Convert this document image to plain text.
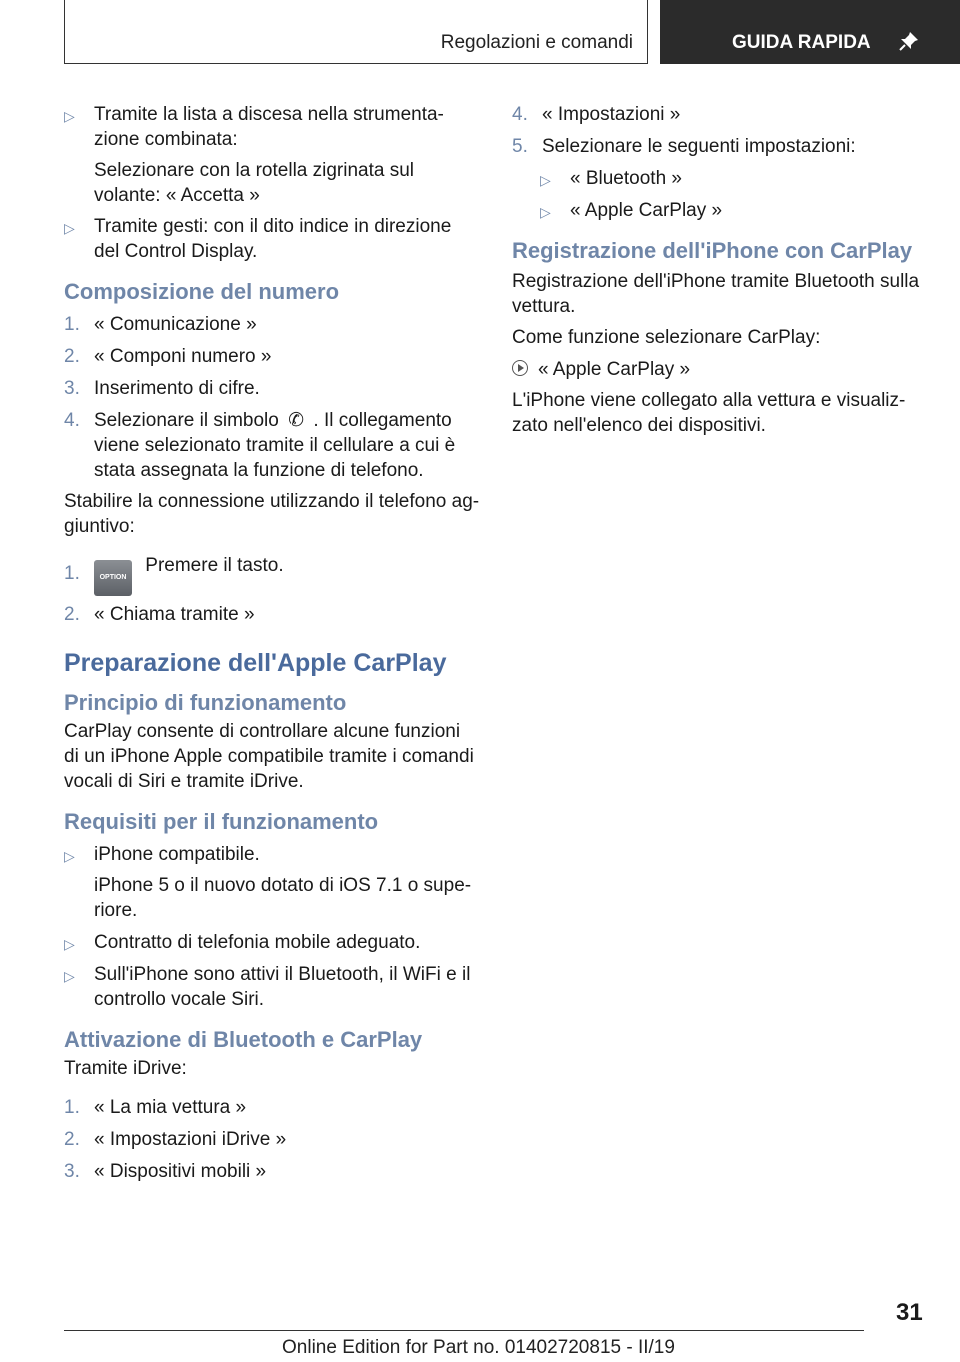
Regolazioni e comandi	GUIDA RAPIDA
▷ Tramite la lista a discesa nella strumenta-zione combinata:
Selezionare con la rotella zigrinata sul volante: « Accetta »
▷ Tramite gesti: con il dito indice in direzione del Control Display.
Composizione del numero
1. « Comunicazione »
2. « Componi numero »
3. Inserimento di cifre.
4. Selezionare il simbolo ✆ . Il collegamento viene selezionato tramite il cellulare a cui è stata assegnata la funzione di telefono.
Stabilire la connessione utilizzando il telefono ag-giuntivo:
1.	OPTION Premere il tasto.
2. « Chiama tramite »
Preparazione dell'Apple CarPlay
Principio di funzionamento
CarPlay consente di controllare alcune funzioni di un iPhone Apple compatibile tramite i comandi vocali di Siri e tramite iDrive.
Requisiti per il funzionamento
▷ iPhone compatibile.
iPhone 5 o il nuovo dotato di iOS 7.1 o supe-riore.
▷ Contratto di telefonia mobile adeguato.
▷ Sull'iPhone sono attivi il Bluetooth, il WiFi e il controllo vocale Siri.
Attivazione di Bluetooth e CarPlay
Tramite iDrive:
1. « La mia vettura »
2. « Impostazioni iDrive »
3. « Dispositivi mobili »
4. « Impostazioni »
5. Selezionare le seguenti impostazioni:
▷ « Bluetooth »
▷ « Apple CarPlay »
Registrazione dell'iPhone con CarPlay
Registrazione dell'iPhone tramite Bluetooth sulla vettura.
Come funzione selezionare CarPlay:
« Apple CarPlay »
L'iPhone viene collegato alla vettura e visualiz-zato nell'elenco dei dispositivi.
31
Online Edition for Part no. 01402720815 - II/19
